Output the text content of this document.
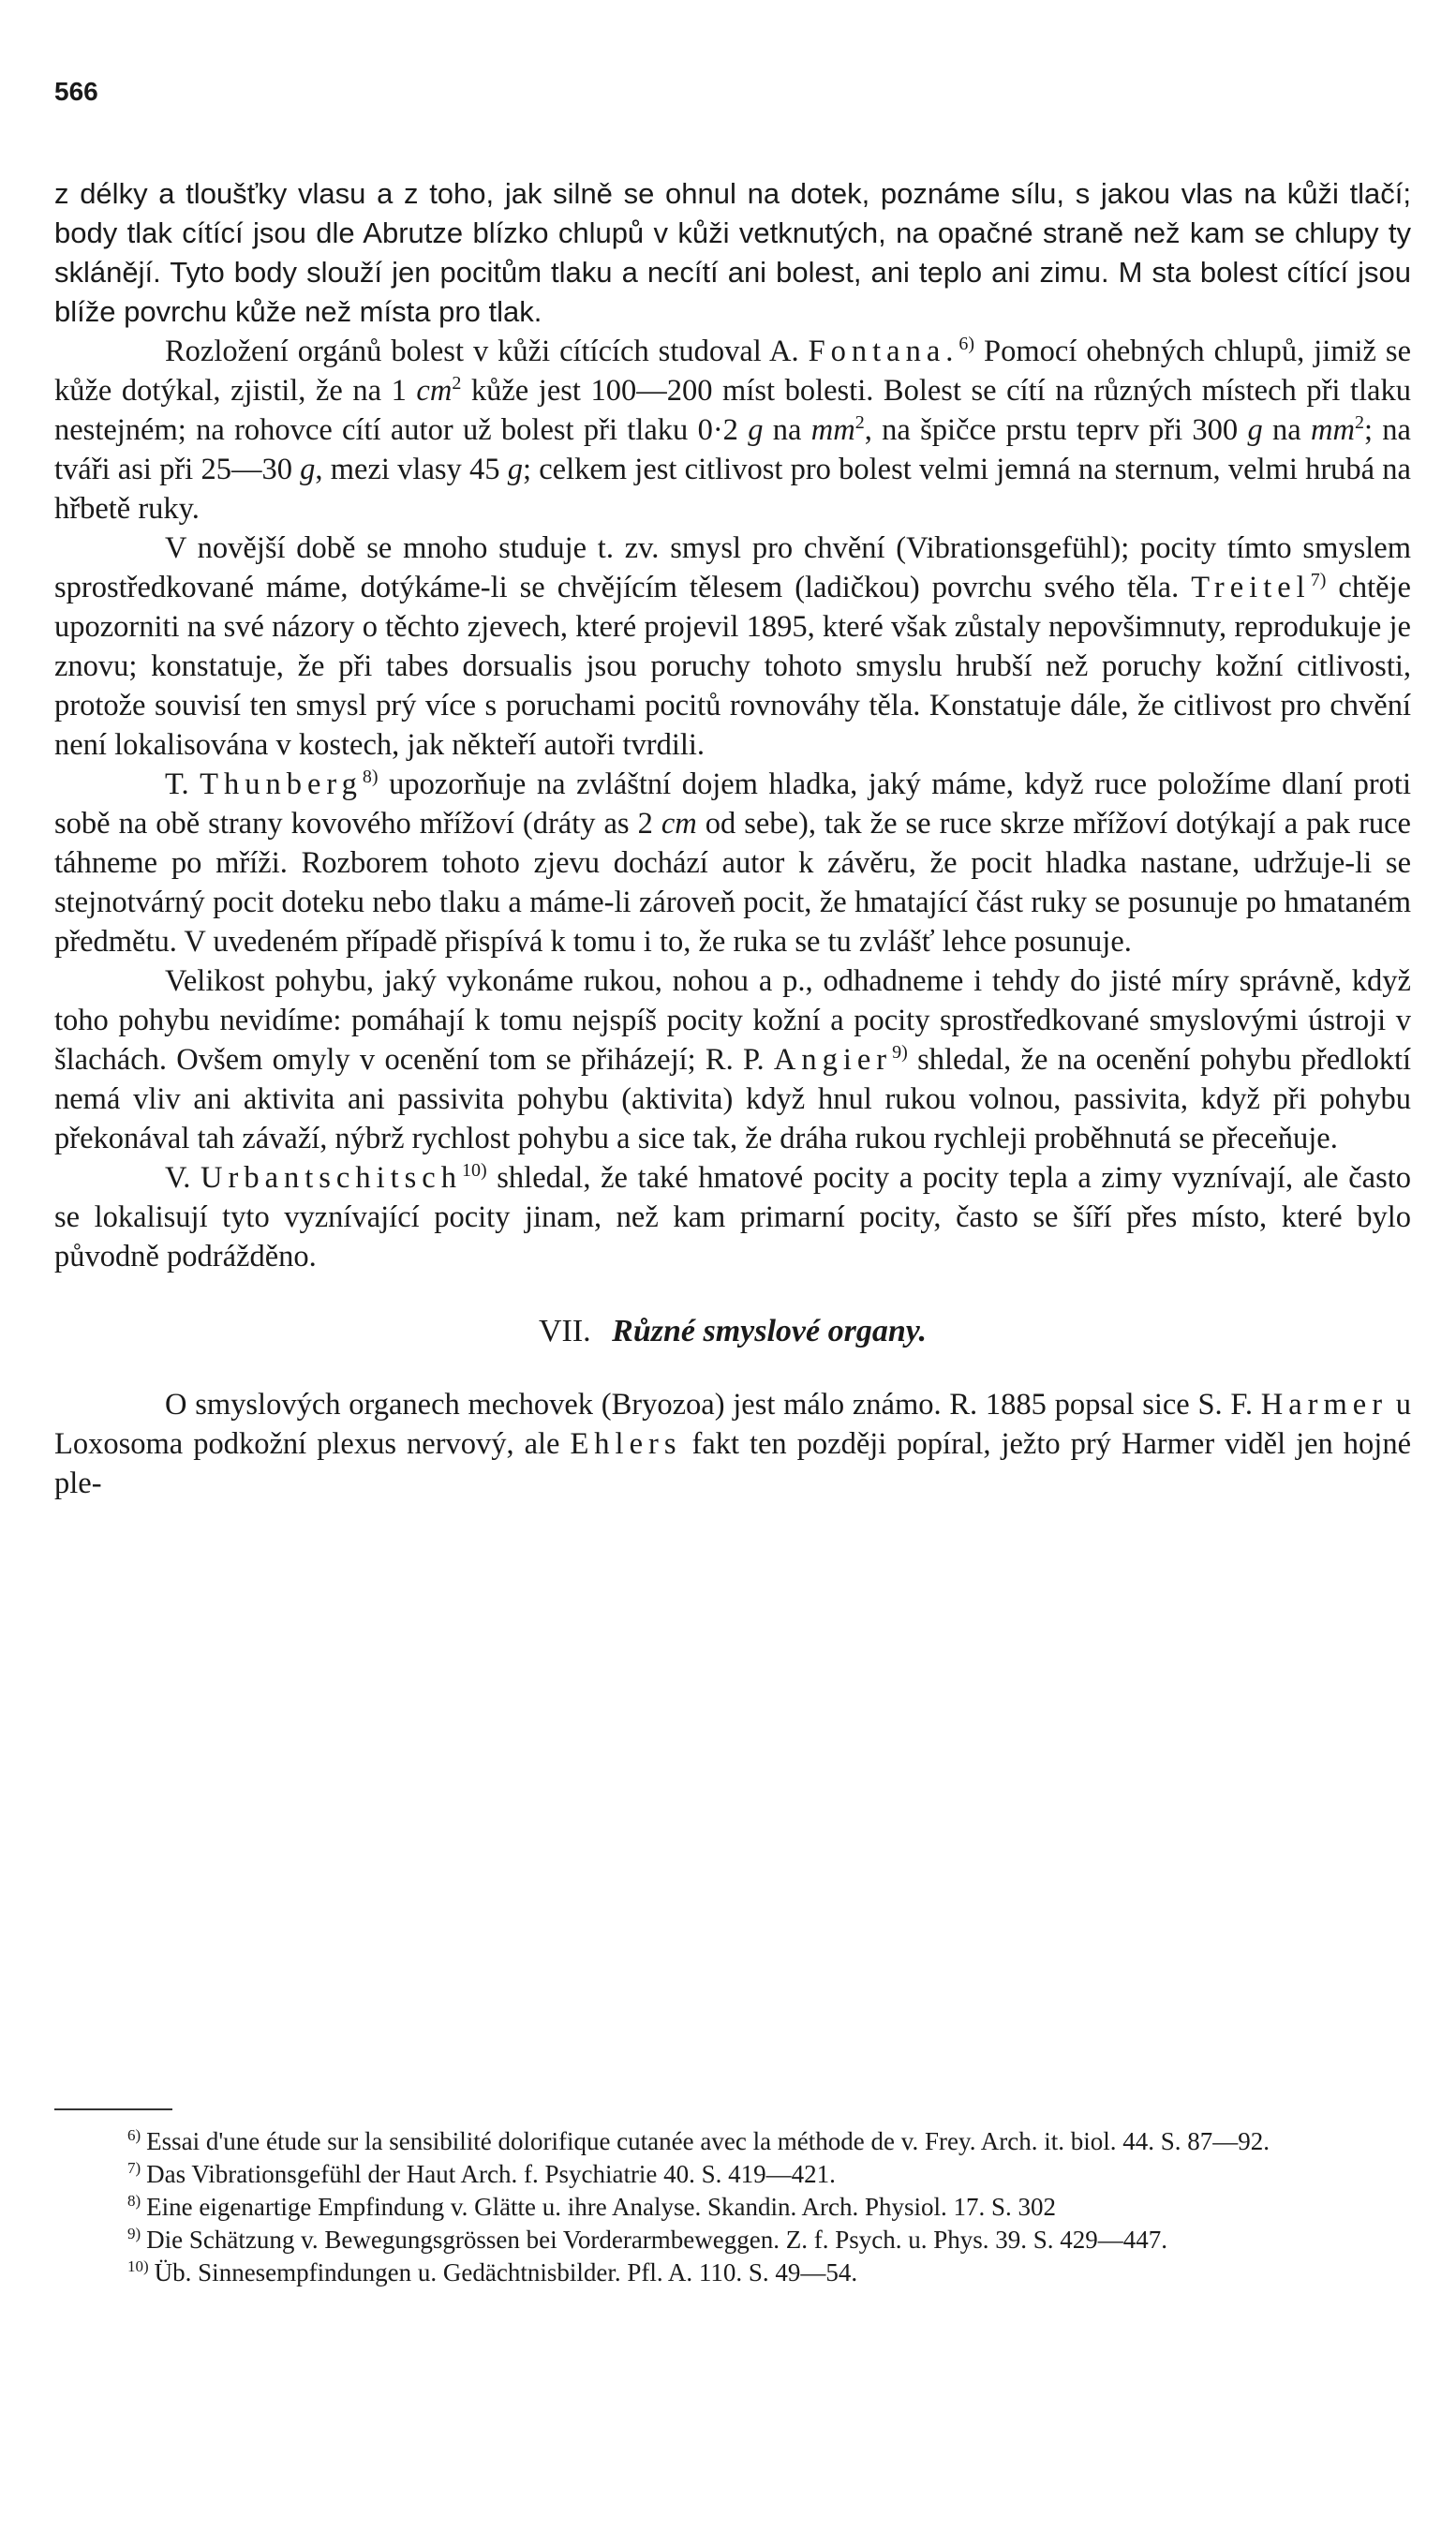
566

z délky a tloušťky vlasu a z toho, jak silně se ohnul na dotek, poznáme sílu, s jakou vlas na kůži tlačí; body tlak cítící jsou dle Abrutze blízko chlupů v kůži vetknutých, na opačné straně než kam se chlupy ty sklánějí. Tyto body slouží jen pocitům tlaku a necítí ani bolest, ani teplo ani zimu. M sta bolest cítící jsou blíže povrchu kůže než místa pro tlak.

Rozložení orgánů bolest v kůži cítících studoval A. Fontana.$^{6)}$ Pomocí ohebných chlupů, jimiž se kůže dotýkal, zjistil, že na 1 $cm^2$ kůže jest 100—200 míst bolesti. Bolest se cítí na různých místech při tlaku nestejném; na rohovce cítí autor už bolest při tlaku 0·2 g na $mm^2$, na špičce prstu teprv při 300 g na $mm^2$; na tváři asi při 25—30 g, mezi vlasy 45 g; celkem jest citlivost pro bolest velmi jemná na sternum, velmi hrubá na hřbetě ruky.

V novější době se mnoho studuje t. zv. smysl pro chvění (Vibrationsgefühl); pocity tímto smyslem sprostředkované máme, dotýkáme-li se chvějícím tělesem (ladičkou) povrchu svého těla. Treitel$^{7)}$ chtěje upozorniti na své názory o těchto zjevech, které projevil 1895, které však zůstaly nepovšimnuty, reprodukuje je znovu; konstatuje, že při tabes dorsualis jsou poruchy tohoto smyslu hrubší než poruchy kožní citlivosti, protože souvisí ten smysl prý více s poruchami pocitů rovnováhy těla. Konstatuje dále, že citlivost pro chvění není lokalisována v kostech, jak někteří autoři tvrdili.

T. Thunberg$^{8)}$ upozorňuje na zvláštní dojem hladka, jaký máme, když ruce položíme dlaní proti sobě na obě strany kovového mřížoví (dráty as 2 cm od sebe), tak že se ruce skrze mřížoví dotýkají a pak ruce táhneme po mříži. Rozborem tohoto zjevu dochází autor k závěru, že pocit hladka nastane, udržuje-li se stejnotvárný pocit doteku nebo tlaku a máme-li zároveň pocit, že hmatající část ruky se posunuje po hmataném předmětu. V uvedeném případě přispívá k tomu i to, že ruka se tu zvlášť lehce posunuje.

Velikost pohybu, jaký vykonáme rukou, nohou a p., odhadneme i tehdy do jisté míry správně, když toho pohybu nevidíme: pomáhají k tomu nejspíš pocity kožní a pocity sprostředkované smyslovými ústroji v šlachách. Ovšem omyly v ocenění tom se přiházejí; R. P. Angier$^{9)}$ shledal, že na ocenění pohybu předloktí nemá vliv ani aktivita ani passivita pohybu (aktivita) když hnul rukou volnou, passivita, když při pohybu překonával tah závaží, nýbrž rychlost pohybu a sice tak, že dráha rukou rychleji proběhnutá se přeceňuje.

V. Urbantschitsch$^{10)}$ shledal, že také hmatové pocity a pocity tepla a zimy vyznívají, ale často se lokalisují tyto vyznívající pocity jinam, než kam primarní pocity, často se šíří přes místo, které bylo původně podrážděno.

VII. Různé smyslové organy.

O smyslových organech mechovek (Bryozoa) jest málo známo. R. 1885 popsal sice S. F. Harmer u Loxosoma podkožní plexus nervový, ale Ehlers fakt ten později popíral, ježto prý Harmer viděl jen hojné ple-

$^{6)}$ Essai d'une étude sur la sensibilité dolorifique cutanée avec la méthode de v. Frey. Arch. it. biol. 44. S. 87—92.

$^{7)}$ Das Vibrationsgefühl der Haut Arch. f. Psychiatrie 40. S. 419—421.

$^{8)}$ Eine eigenartige Empfindung v. Glätte u. ihre Analyse. Skandin. Arch. Physiol. 17. S. 302

$^{9)}$ Die Schätzung v. Bewegungsgrössen bei Vorderarmbeweggen. Z. f. Psych. u. Phys. 39. S. 429—447.

$^{10)}$ Üb. Sinnesempfindungen u. Gedächtnisbilder. Pfl. A. 110. S. 49—54.
